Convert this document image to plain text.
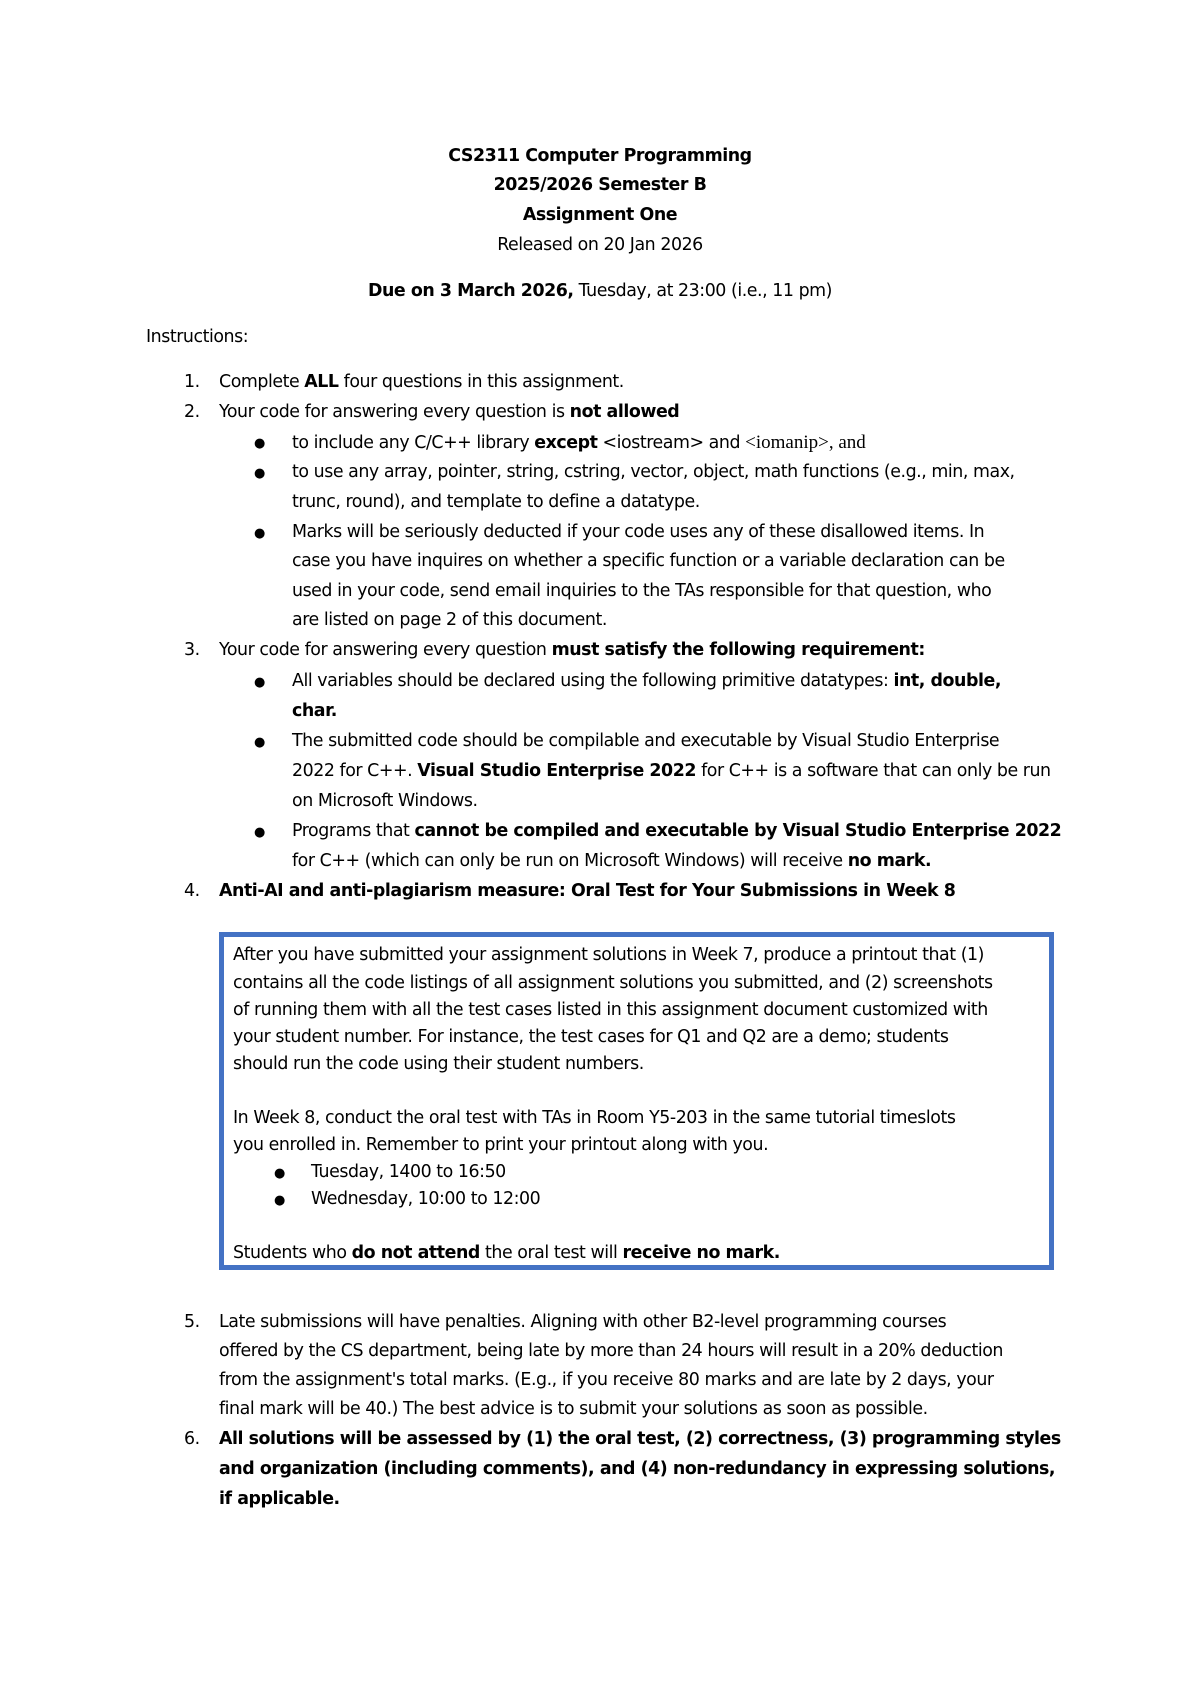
CS2311 Computer Programming
2025/2026 Semester B
Assignment One
Released on 20 Jan 2026
Due on 3 March 2026, Tuesday, at 23:00 (i.e., 11 pm)
Instructions:
1. Complete ALL four questions in this assignment.
2. Your code for answering every question is not allowed
● to include any C/C++ library except <iostream> and <iomanip>, and
● to use any array, pointer, string, cstring, vector, object, math functions (e.g., min, max,
trunc, round), and template to define a datatype.
● Marks will be seriously deducted if your code uses any of these disallowed items. In
case you have inquires on whether a specific function or a variable declaration can be
used in your code, send email inquiries to the TAs responsible for that question, who
are listed on page 2 of this document.
3. Your code for answering every question must satisfy the following requirement:
● All variables should be declared using the following primitive datatypes: int, double,
char.
● The submitted code should be compilable and executable by Visual Studio Enterprise
2022 for C++. Visual Studio Enterprise 2022 for C++ is a software that can only be run
on Microsoft Windows.
● Programs that cannot be compiled and executable by Visual Studio Enterprise 2022
for C++ (which can only be run on Microsoft Windows) will receive no mark.
4. Anti-AI and anti-plagiarism measure: Oral Test for Your Submissions in Week 8
After you have submitted your assignment solutions in Week 7, produce a printout that (1)
contains all the code listings of all assignment solutions you submitted, and (2) screenshots
of running them with all the test cases listed in this assignment document customized with
your student number. For instance, the test cases for Q1 and Q2 are a demo; students
should run the code using their student numbers.
In Week 8, conduct the oral test with TAs in Room Y5-203 in the same tutorial timeslots
you enrolled in. Remember to print your printout along with you.
● Tuesday, 1400 to 16:50
● Wednesday, 10:00 to 12:00
Students who do not attend the oral test will receive no mark.
5. Late submissions will have penalties. Aligning with other B2-level programming courses
offered by the CS department, being late by more than 24 hours will result in a 20% deduction
from the assignment's total marks. (E.g., if you receive 80 marks and are late by 2 days, your
final mark will be 40.) The best advice is to submit your solutions as soon as possible.
6. All solutions will be assessed by (1) the oral test, (2) correctness, (3) programming styles
and organization (including comments), and (4) non-redundancy in expressing solutions,
if applicable.
